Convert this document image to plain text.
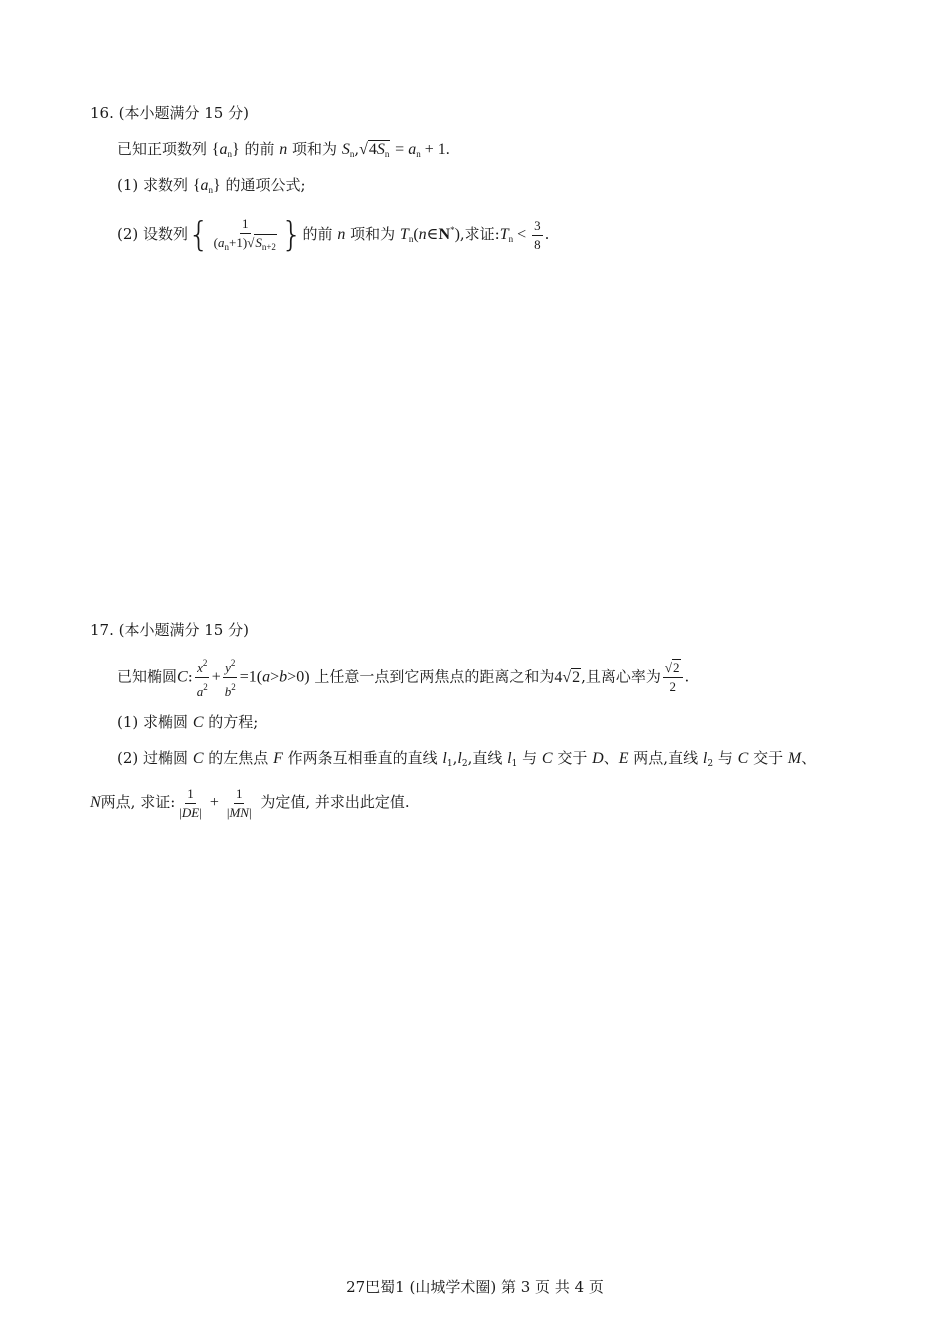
16. (本小题满分 15 分)
已知正项数列 $\{a_n\}$ 的前 n 项和为 $S_n,√4S_n = a_n + 1$.
(1) 求数列 $\{a_n\}$ 的通项公式;
(2) 设数列{ $\frac{1}{(a_n+1)√S_{n+2}}$ }的前 n 项和为 $T_n(n\in N^*)$,求证$:T_n < \frac{3}{8}$ .
17. (本小题满分 15 分)
已知椭圆C: $\frac{x^2}{a^2} + \frac{y^2}{b^2} =1(a>b>0)$ 上任意一点到它两焦点的距离之和为4√2,且离心率为 $\frac{√2}{2}$ .
(1) 求椭圆 C 的方程;
(2) 过椭圆 C 的左焦点 F 作两条互相垂直的直线 $l_1,l_2$,直线 $l_1$ 与 C 交于 D、E 两点,直线 $l_2$ 与 C 交于 M、
N两点, 求证: $\frac{1}{|DE|} + \frac{1}{|MN|}$ 为定值, 并求出此定值.
27巴蜀1 (山城学术圈) 第 3 页 共 4 页
